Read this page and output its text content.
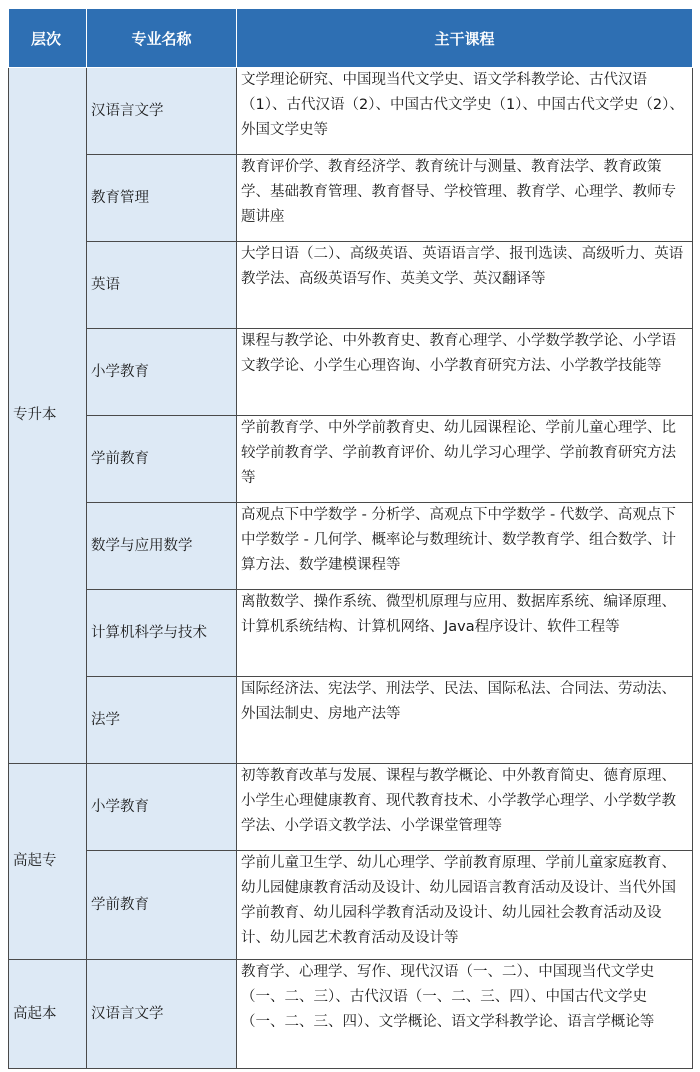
层次	专业名称	主干课程
专升本	汉语言文学	文学理论研究、中国现当代文学史、语文学科教学论、古代汉语（1）、古代汉语（2）、中国古代文学史（1）、中国古代文学史（2）、外国文学史等
	教育管理	教育评价学、教育经济学、教育统计与测量、教育法学、教育政策学、基础教育管理、教育督导、学校管理、教育学、心理学、教师专题讲座
	英语	大学日语（二）、高级英语、英语语言学、报刊选读、高级听力、英语教学法、高级英语写作、英美文学、英汉翻译等
	小学教育	课程与教学论、中外教育史、教育心理学、小学数学教学论、小学语文教学论、小学生心理咨询、小学教育研究方法、小学教学技能等
	学前教育	学前教育学、中外学前教育史、幼儿园课程论、学前儿童心理学、比较学前教育学、学前教育评价、幼儿学习心理学、学前教育研究方法等
	数学与应用数学	高观点下中学数学 - 分析学、高观点下中学数学 - 代数学、高观点下中学数学 - 几何学、概率论与数理统计、数学教育学、组合数学、计算方法、数学建模课程等
	计算机科学与技术	离散数学、操作系统、微型机原理与应用、数据库系统、编译原理、计算机系统结构、计算机网络、Java程序设计、软件工程等
	法学	国际经济法、宪法学、刑法学、民法、国际私法、合同法、劳动法、外国法制史、房地产法等
高起专	小学教育	初等教育改革与发展、课程与教学概论、中外教育简史、德育原理、小学生心理健康教育、现代教育技术、小学教学心理学、小学数学教学法、小学语文教学法、小学课堂管理等
	学前教育	学前儿童卫生学、幼儿心理学、学前教育原理、学前儿童家庭教育、幼儿园健康教育活动及设计、幼儿园语言教育活动及设计、当代外国学前教育、幼儿园科学教育活动及设计、幼儿园社会教育活动及设计、幼儿园艺术教育活动及设计等
高起本	汉语言文学	教育学、心理学、写作、现代汉语（一、二）、中国现当代文学史（一、二、三）、古代汉语（一、二、三、四）、中国古代文学史（一、二、三、四）、文学概论、语文学科教学论、语言学概论等
